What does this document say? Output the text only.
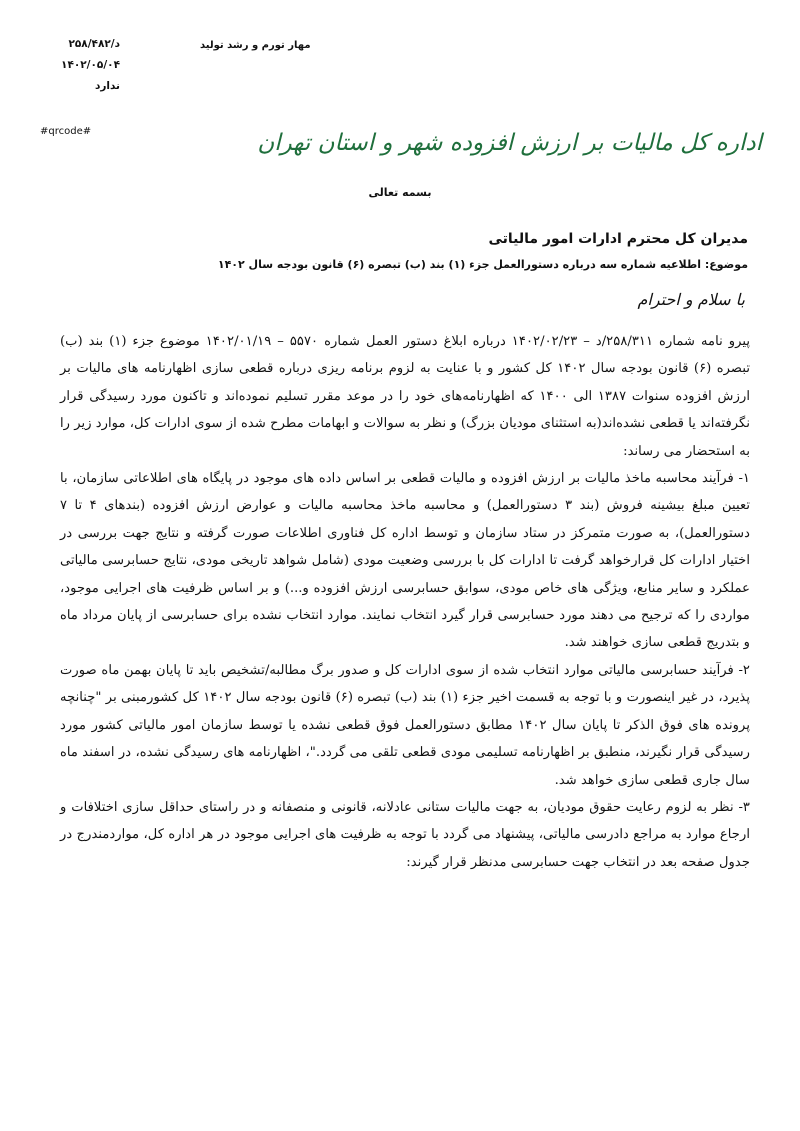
د/۲۵۸/۴۸۲
۱۴۰۲/۰۵/۰۴
ندارد
مهار تورم و رشد تولید
#qrcode#	اداره کل مالیات بر ارزش افزوده شهر و استان تهران
بسمه تعالی
مدیران کل محترم ادارات امور مالیاتی
موضوع: اطلاعیه شماره سه درباره دستورالعمل جزء (۱) بند (ب) تبصره (۶) قانون بودجه سال ۱۴۰۲
با سلام و احترام

پیرو نامه شماره ۲۵۸/۳۱۱/د – ۱۴۰۲/۰۲/۲۳ درباره ابلاغ دستور العمل شماره ۵۵۷۰ – ۱۴۰۲/۰۱/۱۹ موضوع جزء (۱) بند (ب) تبصره (۶) قانون بودجه سال ۱۴۰۲ کل کشور و با عنایت به لزوم برنامه ریزی درباره قطعی سازی اظهارنامه های مالیات بر ارزش افزوده سنوات ۱۳۸۷ الی ۱۴۰۰ که اظهارنامه‌های خود را در موعد مقرر تسلیم نموده‌اند و تاکنون مورد رسیدگی قرار نگرفته‌اند یا قطعی نشده‌اند(به استثنای مودیان بزرگ) و نظر به سوالات و ابهامات مطرح شده از سوی ادارات کل، موارد زیر را به استحضار می رساند:

۱- فرآیند محاسبه ماخذ مالیات بر ارزش افزوده و مالیات قطعی بر اساس داده های موجود در پایگاه های اطلاعاتی سازمان، با تعیین مبلغ بیشینه فروش (بند ۳ دستورالعمل) و محاسبه ماخذ محاسبه مالیات و عوارض ارزش افزوده (بندهای ۴ تا ۷ دستورالعمل)، به صورت متمرکز در ستاد سازمان و توسط اداره کل فناوری اطلاعات صورت گرفته و نتایج جهت بررسی در اختیار ادارات کل قرارخواهد گرفت تا ادارات کل با بررسی وضعیت مودی (شامل شواهد تاریخی مودی، نتایج حسابرسی مالیاتی عملکرد و سایر منابع، ویژگی های خاص مودی، سوابق حسابرسی ارزش افزوده و...) و بر اساس ظرفیت های اجرایی موجود، مواردی را که ترجیح می دهند مورد حسابرسی قرار گیرد انتخاب نمایند. موارد انتخاب نشده برای حسابرسی از پایان مرداد ماه و بتدریج قطعی سازی خواهند شد.

۲- فرآیند حسابرسی مالیاتی موارد انتخاب شده از سوی ادارات کل و صدور برگ مطالبه/تشخیص باید تا پایان بهمن ماه صورت پذیرد، در غیر اینصورت و با توجه به قسمت اخیر جزء (۱) بند (ب) تبصره (۶) قانون بودجه سال ۱۴۰۲ کل کشورمبنی بر "چنانچه پرونده های فوق الذکر تا پایان سال ۱۴۰۲ مطابق دستورالعمل فوق قطعی نشده یا توسط سازمان امور مالیاتی کشور مورد رسیدگی قرار نگیرند، منطبق بر اظهارنامه تسلیمی مودی قطعی تلقی می گردد."، اظهارنامه های رسیدگی نشده، در اسفند ماه سال جاری قطعی سازی خواهد شد.

۳- نظر به لزوم رعایت حقوق مودیان، به جهت مالیات ستانی عادلانه، قانونی و منصفانه و در راستای حداقل سازی اختلافات و ارجاع موارد به مراجع دادرسی مالیاتی، پیشنهاد می گردد با توجه به ظرفیت های اجرایی موجود در هر اداره کل، مواردمندرج در جدول صفحه بعد در انتخاب جهت حسابرسی مدنظر قرار گیرند:
